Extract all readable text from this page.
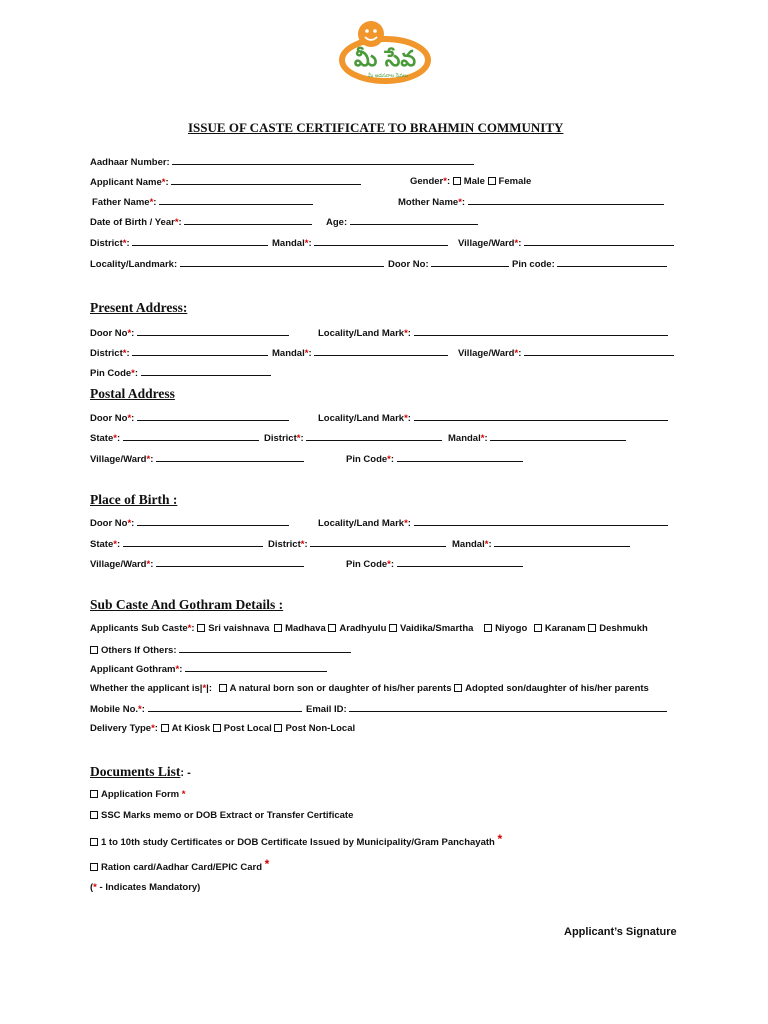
మీ సేవ
మీ అవసరాల సేవలు
ISSUE OF CASTE CERTIFICATE TO BRAHMIN COMMUNITY
Aadhaar Number:
Applicant Name*:	Gender*: Male Female
Father Name*:	Mother Name*:
Date of Birth / Year*:	Age:
District*:	Mandal*:	Village/Ward*:
Locality/Landmark:	Door No:	Pin code:
Present Address:
Door No*:	Locality/Land Mark*:
District*:	Mandal*:	Village/Ward*:
Pin Code*:
Postal Address
Door No*:	Locality/Land Mark*:
State*:	District*:	Mandal*:
Village/Ward*:	Pin Code*:
Place of Birth :
Door No*:	Locality/Land Mark*:
State*:	District*:	Mandal*:
Village/Ward*:	Pin Code*:
Sub Caste And Gothram Details :
Applicants Sub Caste*: Sri vaishnava Madhava Aradhyulu Vaidika/Smartha Niyogo Karanam Deshmukh
Others If Others:
Applicant Gothram*:
Whether the applicant is|*|: A natural born son or daughter of his/her parents Adopted son/daughter of his/her parents
Mobile No.*:	Email ID:
Delivery Type*: At Kiosk Post Local Post Non-Local
Documents List: -
Application Form *
SSC Marks memo or DOB Extract or Transfer Certificate
1 to 10th study Certificates or DOB Certificate Issued by Municipality/Gram Panchayath *
Ration card/Aadhar Card/EPIC Card *
(* - Indicates Mandatory)
Applicant’s Signature
